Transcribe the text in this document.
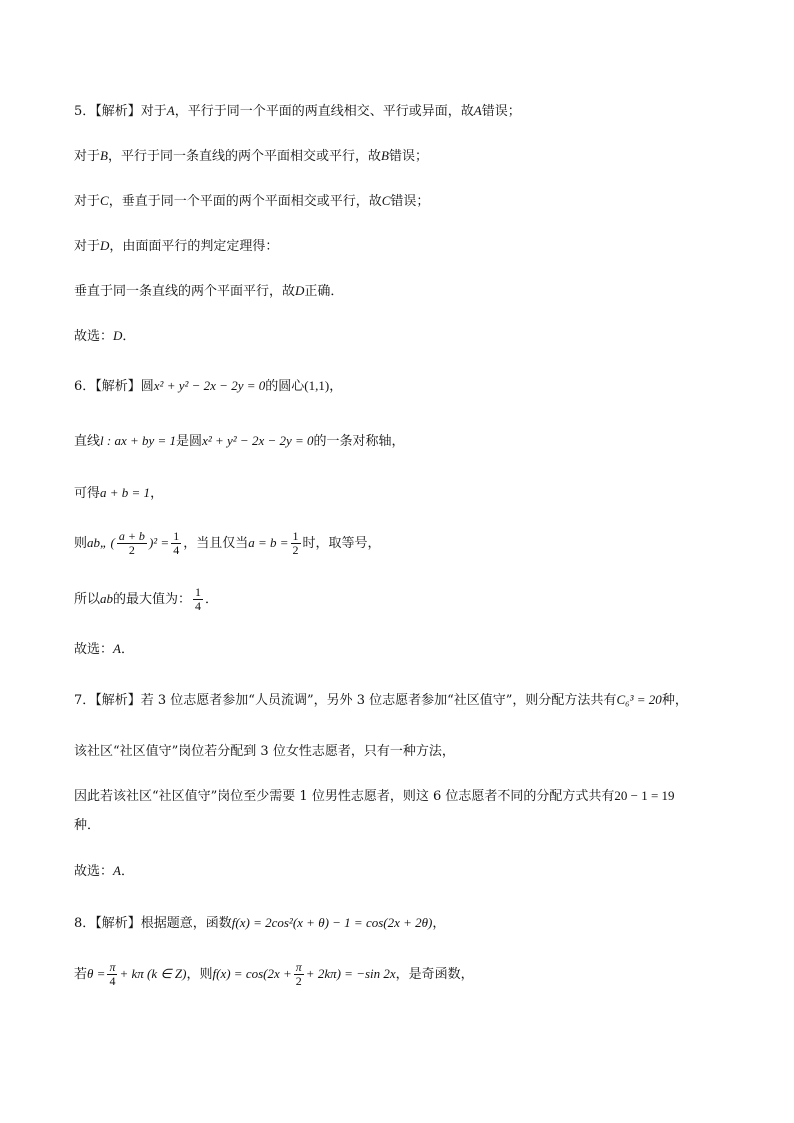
5．【解析】对于A，平行于同一个平面的两直线相交、平行或异面，故A错误；
对于B，平行于同一条直线的两个平面相交或平行，故B错误；
对于C，垂直于同一个平面的两个平面相交或平行，故C错误；
对于D，由面面平行的判定定理得：
垂直于同一条直线的两个平面平行，故D正确．
故选：D．
6．【解析】圆x² + y² − 2x − 2y = 0的圆心(1,1)，
直线l : ax + by = 1是圆x² + y² − 2x − 2y = 0的一条对称轴，
可得a + b = 1，
则ab„ ( $\frac{a + b}{2} )^2 = \frac{1}{4}$ ，当且仅当$a = b = \frac{1}{2}$ 时，取等号，
所以ab的最大值为： $\frac{1}{4}$ ．
故选：A．
7．【解析】若 3 位志愿者参加“人员流调”，另外 3 位志愿者参加“社区值守”，则分配方法共有C₆³ = 20种，
该社区“社区值守”岗位若分配到 3 位女性志愿者，只有一种方法，
因此若该社区“社区值守”岗位至少需要 1 位男性志愿者，则这 6 位志愿者不同的分配方式共有20 − 1 = 19
种．
故选：A．
8．【解析】根据题意，函数f(x) = 2cos²(x + θ) − 1 = cos(2x + 2θ)，
若$\theta = \frac{\pi}{4} + k\pi$ (k ∈ Z)，则$f(x) = \cos(2x + \frac{\pi}{2} + 2k\pi) = -\sin$ 2x，是奇函数，
